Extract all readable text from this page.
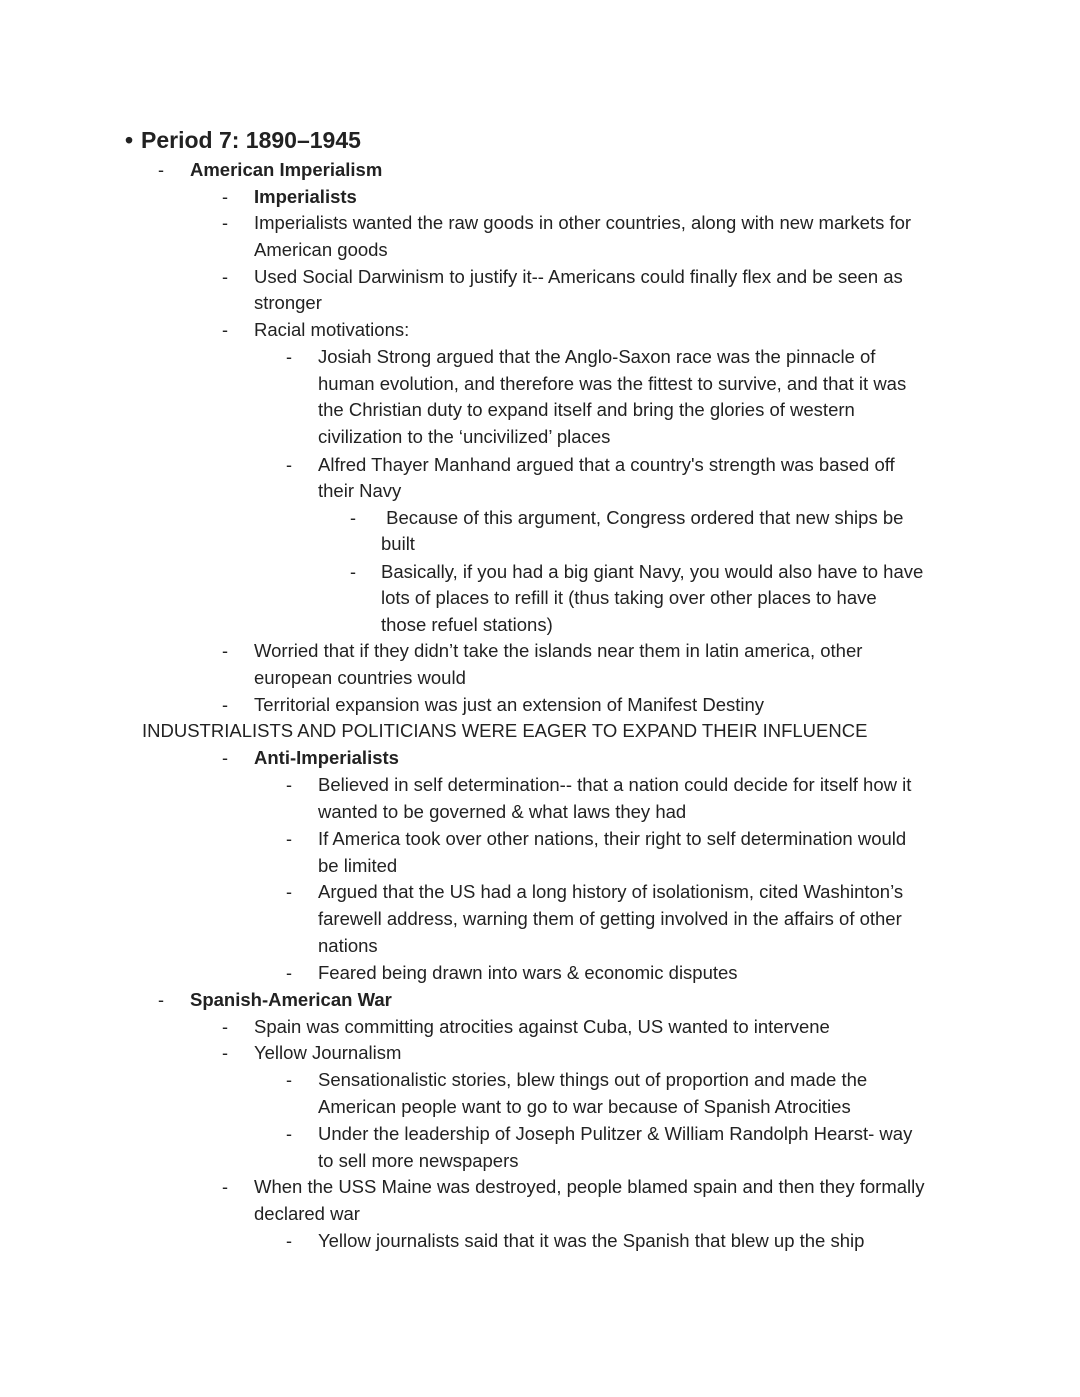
• Period 7: 1890–1945
- American Imperialism
- Imperialists
- Imperialists wanted the raw goods in other countries, along with new markets for
American goods
- Used Social Darwinism to justify it-- Americans could finally flex and be seen as
stronger
- Racial motivations:
- Josiah Strong argued that the Anglo-Saxon race was the pinnacle of
human evolution, and therefore was the fittest to survive, and that it was
the Christian duty to expand itself and bring the glories of western
civilization to the ‘uncivilized’ places
- Alfred Thayer Manhand argued that a country's strength was based off
their Navy
- Because of this argument, Congress ordered that new ships be
built
- Basically, if you had a big giant Navy, you would also have to have
lots of places to refill it (thus taking over other places to have
those refuel stations)
- Worried that if they didn’t take the islands near them in latin america, other
european countries would
- Territorial expansion was just an extension of Manifest Destiny
INDUSTRIALISTS AND POLITICIANS WERE EAGER TO EXPAND THEIR INFLUENCE
- Anti-Imperialists
- Believed in self determination-- that a nation could decide for itself how it
wanted to be governed & what laws they had
- If America took over other nations, their right to self determination would
be limited
- Argued that the US had a long history of isolationism, cited Washinton’s
farewell address, warning them of getting involved in the affairs of other
nations
- Feared being drawn into wars & economic disputes
- Spanish-American War
- Spain was committing atrocities against Cuba, US wanted to intervene
- Yellow Journalism
- Sensationalistic stories, blew things out of proportion and made the
American people want to go to war because of Spanish Atrocities
- Under the leadership of Joseph Pulitzer & William Randolph Hearst- way
to sell more newspapers
- When the USS Maine was destroyed, people blamed spain and then they formally
declared war
- Yellow journalists said that it was the Spanish that blew up the ship
